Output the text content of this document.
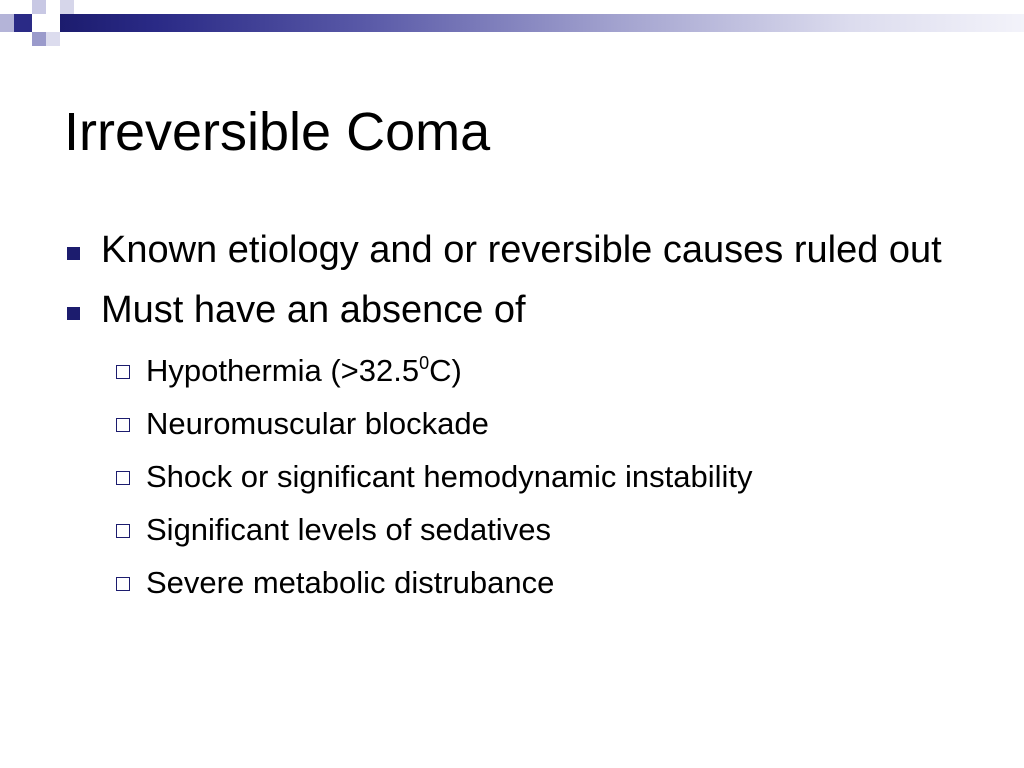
Irreversible Coma
Known etiology and or reversible causes ruled out
Must have an absence of
Hypothermia $(>32.5^0C)$
Neuromuscular blockade
Shock or significant hemodynamic instability
Significant levels of sedatives
Severe metabolic distrubance
